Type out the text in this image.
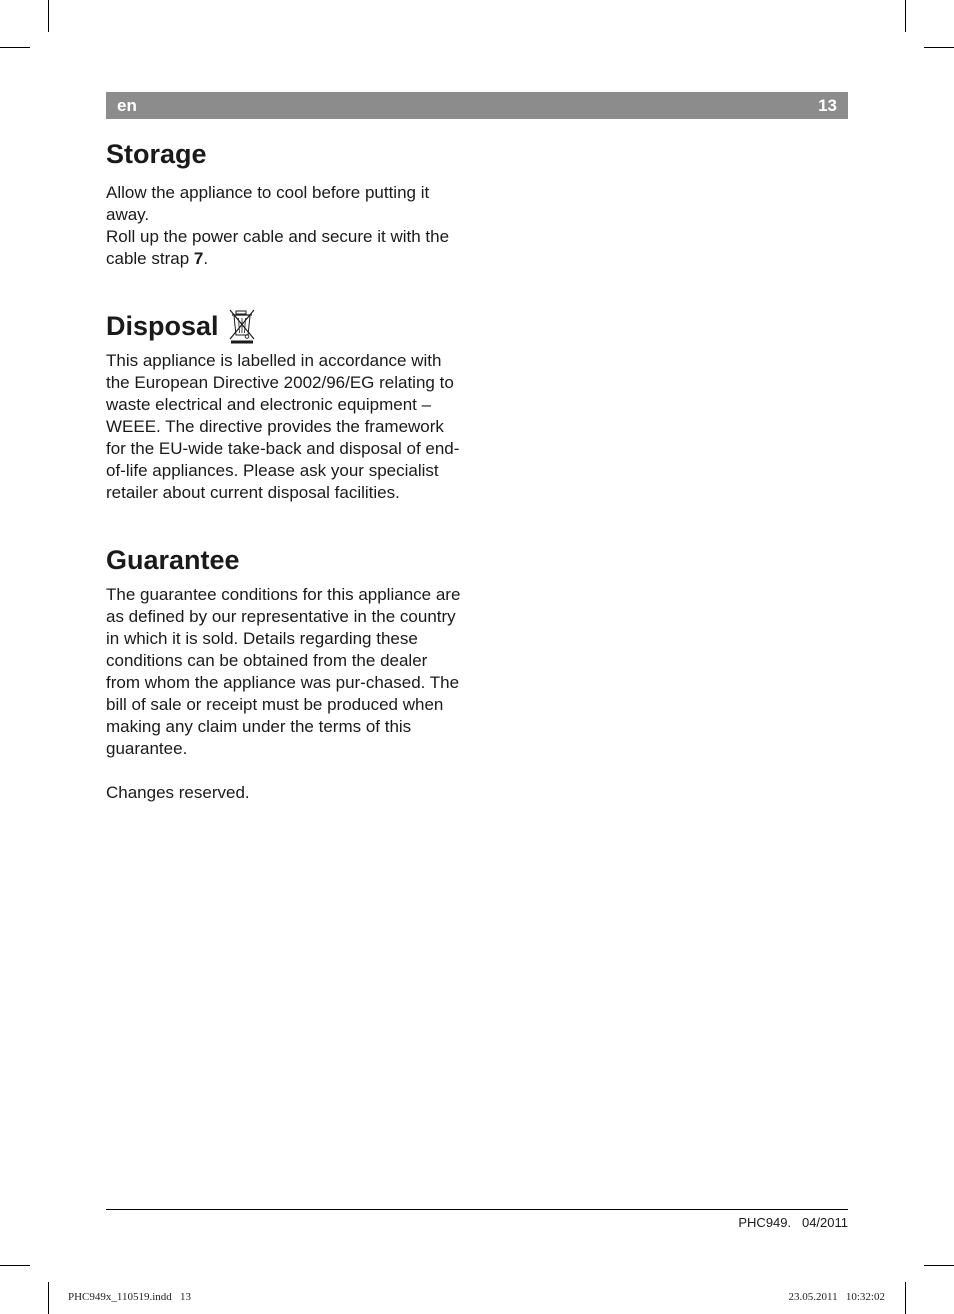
en	13
Storage

Allow the appliance to cool before putting it away.

Roll up the power cable and secure it with the cable strap 7.

Disposal

This appliance is labelled in accordance with the European Directive 2002/96/EG relating to waste electrical and electronic equipment – WEEE. The directive provides the framework for the EU-wide take-back and disposal of end-of-life appliances. Please ask your specialist retailer about current disposal facilities.

Guarantee

The guarantee conditions for this appliance are as defined by our representative in the country in which it is sold. Details regarding these conditions can be obtained from the dealer from whom the appliance was pur-chased. The bill of sale or receipt must be produced when making any claim under the terms of this guarantee.

Changes reserved.

PHC949.   04/2011
PHC949x_110519.indd   13	23.05.2011   10:32:02
